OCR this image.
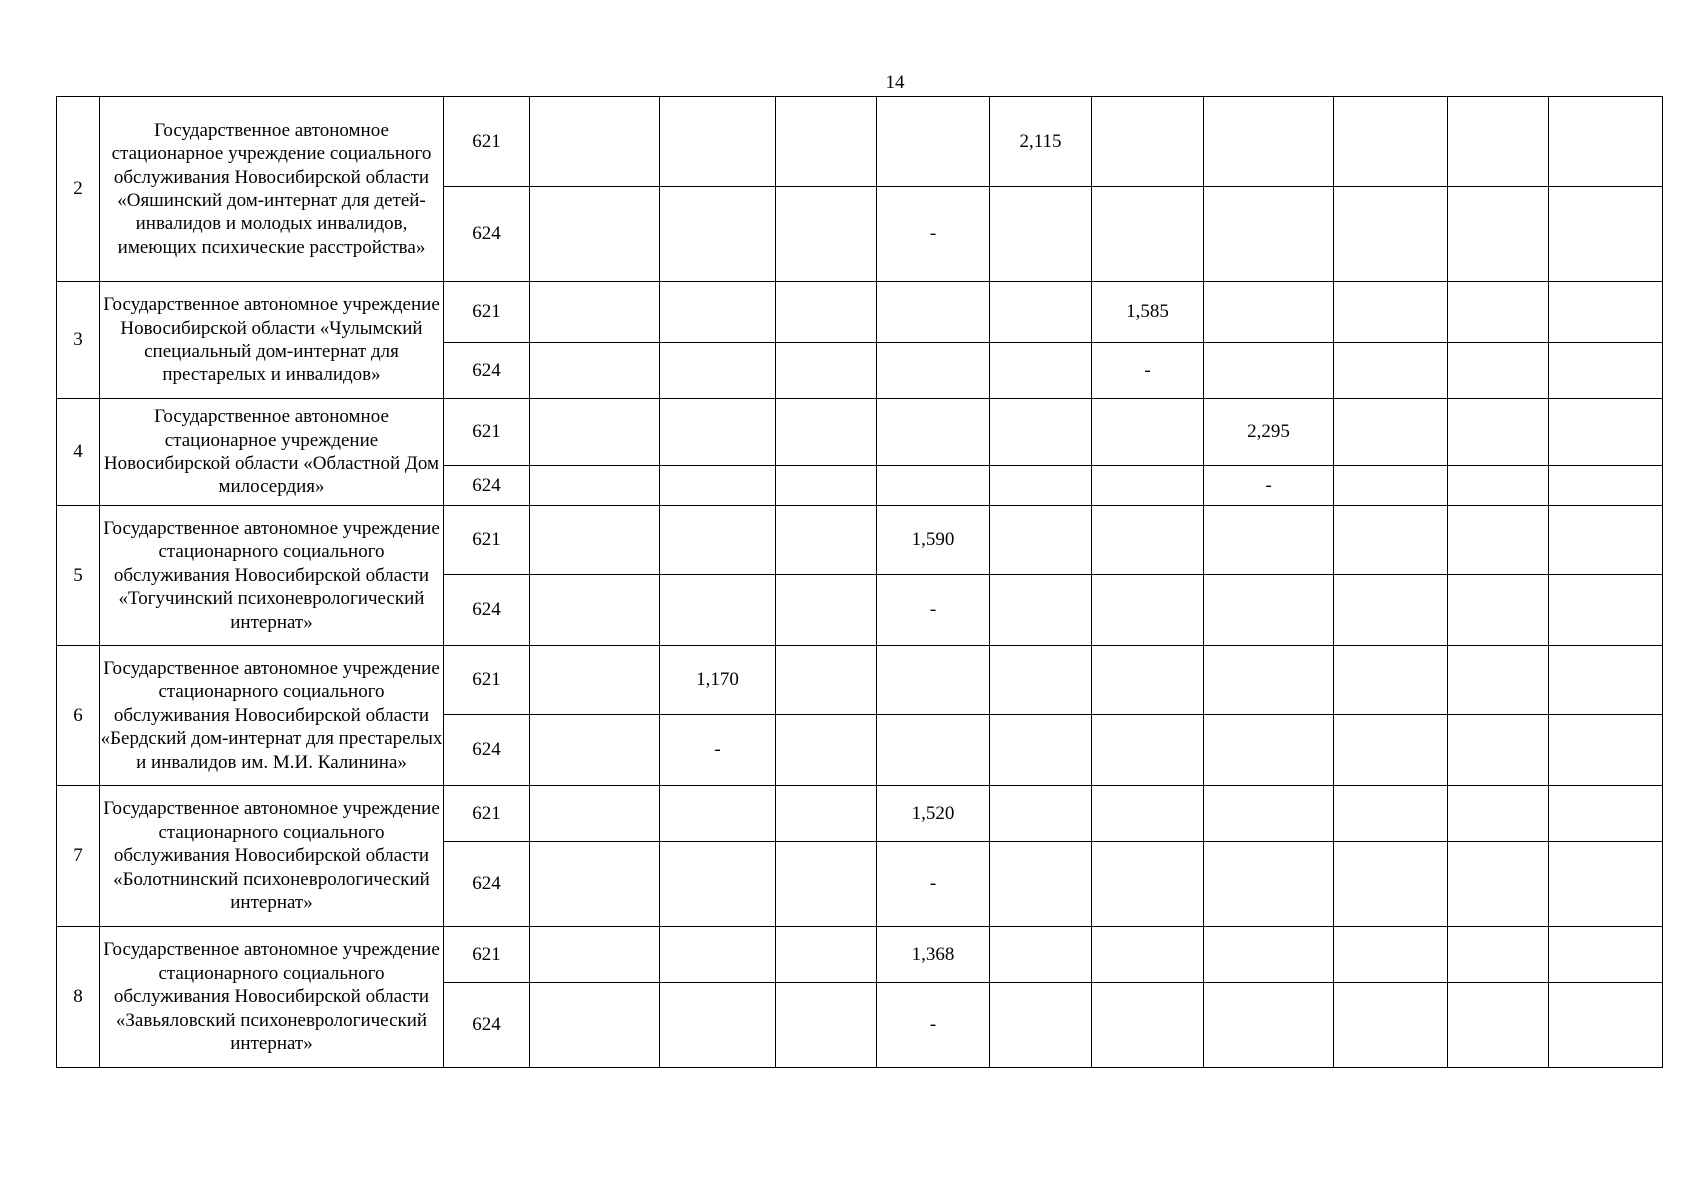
14
2	Государственное автономное стационарное учреждение социального обслуживания Новосибирской области «Ояшинский дом-интернат для детей-инвалидов и молодых инвалидов, имеющих психические расстройства»	621					2,115					
		624				-						
3	Государственное автономное учреждение Новосибирской области «Чулымский специальный дом-интернат для престарелых и инвалидов»	621						1,585				
		624						-				
4	Государственное автономное стационарное учреждение Новосибирской области «Областной Дом милосердия»	621							2,295			
		624							-			
5	Государственное автономное учреждение стационарного социального обслуживания Новосибирской области «Тогучинский психоневрологический интернат»	621				1,590						
		624				-						
6	Государственное автономное учреждение стационарного социального обслуживания Новосибирской области «Бердский дом-интернат для престарелых и инвалидов им. М.И. Калинина»	621		1,170								
		624		-								
7	Государственное автономное учреждение стационарного социального обслуживания Новосибирской области «Болотнинский психоневрологический интернат»	621				1,520						
		624				-						
8	Государственное автономное учреждение стационарного социального обслуживания Новосибирской области «Завьяловский психоневрологический интернат»	621				1,368						
		624				-						
